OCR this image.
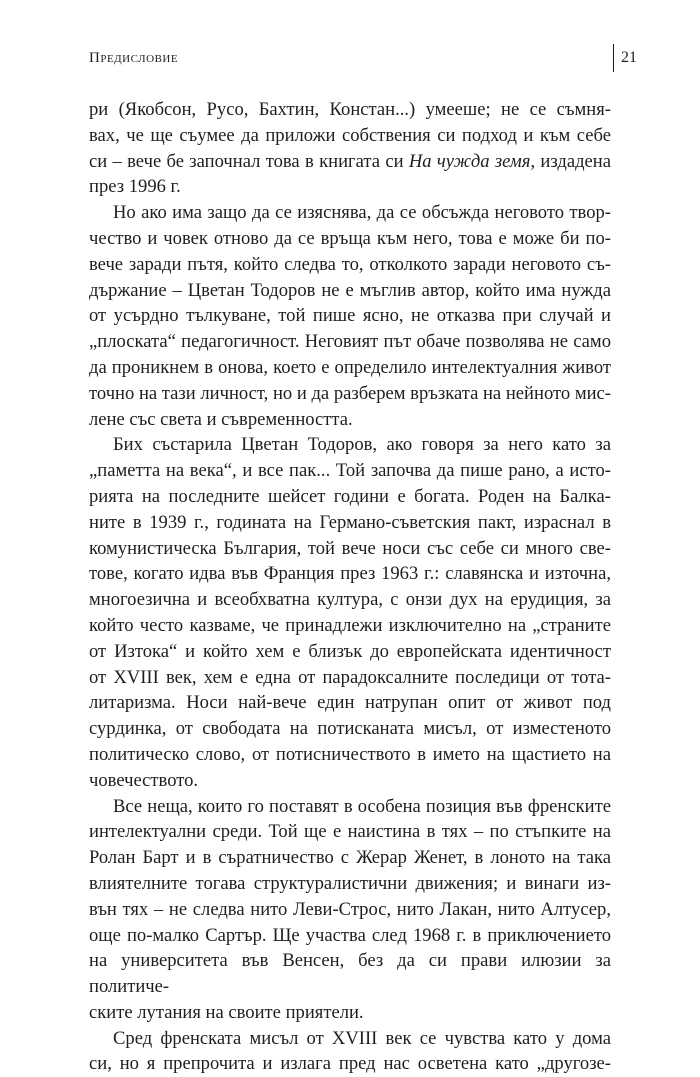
Предисловие	21

ри (Якобсон, Русо, Бахтин, Констан...) умееше; не се съмня-

вах, че ще съумее да приложи собствения си подход и към себе

си – вече бе започнал това в книгата си На чужда земя, издадена

през 1996 г.

Но ако има защо да се изяснява, да се обсъжда неговото твор-

чество и човек отново да се връща към него, това е може би по-

вече заради пътя, който следва то, отколкото заради неговото съ-

държание – Цветан Тодоров не е мъглив автор, който има нужда

от усърдно тълкуване, той пише ясно, не отказва при случай и

„плоската“ педагогичност. Неговият път обаче позволява не само

да проникнем в онова, което е определило интелектуалния живот

точно на тази личност, но и да разберем връзката на нейното мис-

лене със света и съвременността.

Бих състарила Цветан Тодоров, ако говоря за него като за

„паметта на века“, и все пак... Той започва да пише рано, а исто-

рията на последните шейсет години е богата. Роден на Балка-

ните в 1939 г., годината на Германо-съветския пакт, израснал в

комунистическа България, той вече носи със себе си много све-

тове, когато идва във Франция през 1963 г.: славянска и източна,

многоезична и всеобхватна култура, с онзи дух на ерудиция, за

който често казваме, че принадлежи изключително на „страните

от Изтока“ и който хем е близък до европейската идентичност

от XVIII век, хем е една от парадоксалните последици от тота-

литаризма. Носи най-вече един натрупан опит от живот под

сурдинка, от свободата на потисканата мисъл, от изместеното

политическо слово, от потисничеството в името на щастието на

човечеството.

Все неща, които го поставят в особена позиция във френските

интелектуални среди. Той ще е наистина в тях – по стъпките на

Ролан Барт и в съратничество с Жерар Женет, в лоното на така

влиятелните тогава структуралистични движения; и винаги из-

вън тях – не следва нито Леви-Строс, нито Лакан, нито Алтусер,

още по-малко Сартър. Ще участва след 1968 г. в приключението

на университета във Венсен, без да си прави илюзии за политиче-

ските лутания на своите приятели.

Сред френската мисъл от XVIII век се чувства като у дома

си, но я препрочита и излага пред нас осветена като „другозе-
